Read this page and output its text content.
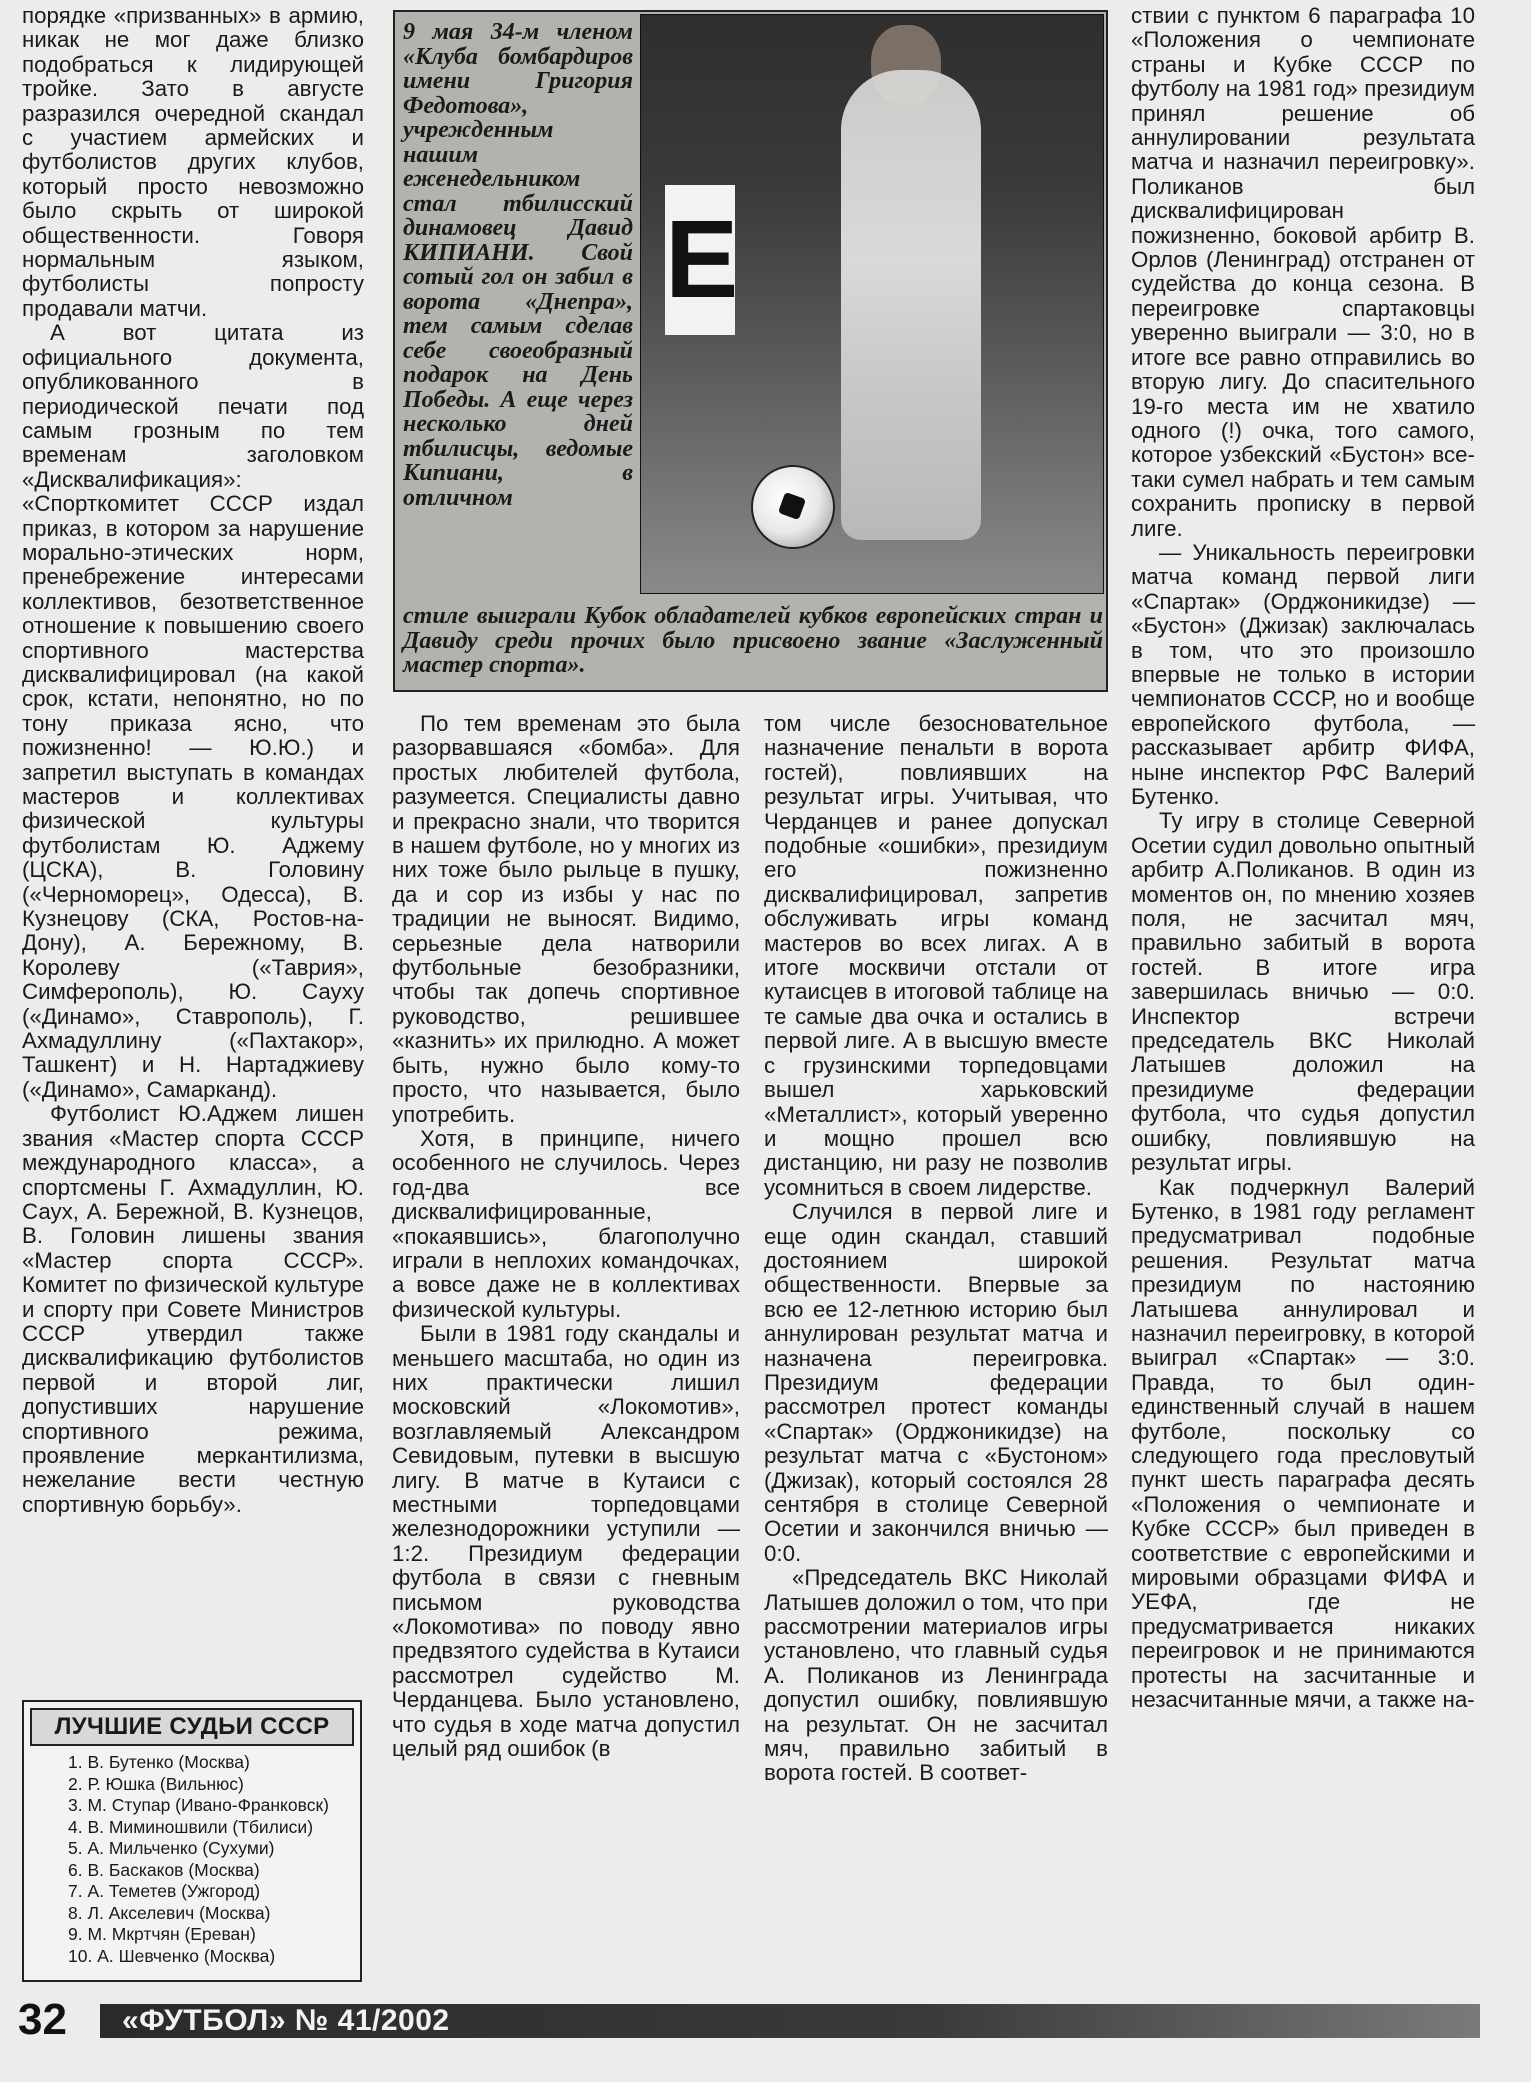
порядке «призванных» в армию, никак не мог даже близко подобраться к лидирующей тройке. Зато в августе разразился очередной скандал с участием армейских и футболистов других клубов, который просто невозможно было скрыть от широкой общественности. Говоря нормальным языком, футболисты попросту продавали матчи.

А вот цитата из официального документа, опубликованного в периодической печати под самым грозным по тем временам заголовком «Дисквалификация»: «Спорткомитет СССР издал приказ, в котором за нарушение морально-этических норм, пренебрежение интересами коллективов, безответственное отношение к повышению своего спортивного мастерства дисквалифицировал (на какой срок, кстати, непонятно, но по тону приказа ясно, что пожизненно! — Ю.Ю.) и запретил выступать в командах мастеров и коллективах физической культуры футболистам Ю. Аджему (ЦСКА), В. Головину («Черноморец», Одесса), В. Кузнецову (СКА, Ростов-на-Дону), А. Бережному, В. Королеву («Таврия», Симферополь), Ю. Сауху («Динамо», Ставрополь), Г. Ахмадуллину («Пахтакор», Ташкент) и Н. Нартаджиеву («Динамо», Самарканд).

Футболист Ю.Аджем лишен звания «Мастер спорта СССР международного класса», а спортсмены Г. Ахмадуллин, Ю. Саух, А. Бережной, В. Кузнецов, В. Головин лишены звания «Мастер спорта СССР». Комитет по физической культуре и спорту при Совете Министров СССР утвердил также дисквалификацию футболистов первой и второй лиг, допустивших нарушение спортивного режима, проявление меркантилизма, нежелание вести честную спортивную борьбу».

Е
9 мая 34-м членом «Клуба бомбардиров имени Григория Федотова», учрежденным нашим еженедельником стал тбилисский динамовец Давид КИПИАНИ. Свой сотый гол он забил в ворота «Днепра», тем самым сделав себе своеобразный подарок на День Победы. А еще через несколько дней тбилисцы, ведомые Кипиани, в отличном
стиле выиграли Кубок обладателей кубков европейских стран и Давиду среди прочих было присвоено звание «Заслуженный мастер спорта».

По тем временам это была разорвавшаяся «бомба». Для простых любителей футбола, разумеется. Специалисты давно и прекрасно знали, что творится в нашем футболе, но у многих из них тоже было рыльце в пушку, да и сор из избы у нас по традиции не выносят. Видимо, серьезные дела натворили футбольные безобразники, чтобы так допечь спортивное руководство, решившее «казнить» их прилюдно. А может быть, нужно было кому-то просто, что называется, было употребить.

Хотя, в принципе, ничего особенного не случилось. Через год-два все дисквалифицированные, «покаявшись», благополучно играли в неплохих командочках, а вовсе даже не в коллективах физической культуры.

Были в 1981 году скандалы и меньшего масштаба, но один из них практически лишил московский «Локомотив», возглавляемый Александром Севидовым, путевки в высшую лигу. В матче в Кутаиси с местными торпедовцами железнодорожники уступили — 1:2. Президиум федерации футбола в связи с гневным письмом руководства «Локомотива» по поводу явно предвзятого судейства в Кутаиси рассмотрел судейство М. Черданцева. Было установлено, что судья в ходе матча допустил целый ряд ошибок (в

том числе безосновательное назначение пенальти в ворота гостей), повлиявших на результат игры. Учитывая, что Черданцев и ранее допускал подобные «ошибки», президиум его пожизненно дисквалифицировал, запретив обслуживать игры команд мастеров во всех лигах. А в итоге москвичи отстали от кутаисцев в итоговой таблице на те самые два очка и остались в первой лиге. А в высшую вместе с грузинскими торпедовцами вышел харьковский «Металлист», который уверенно и мощно прошел всю дистанцию, ни разу не позволив усомниться в своем лидерстве.

Случился в первой лиге и еще один скандал, ставший достоянием широкой общественности. Впервые за всю ее 12-летнюю историю был аннулирован результат матча и назначена переигровка. Президиум федерации рассмотрел протест команды «Спартак» (Орджоникидзе) на результат матча с «Бустоном» (Джизак), который состоялся 28 сентября в столице Северной Осетии и закончился вничью — 0:0.

«Председатель ВКС Николай Латышев доложил о том, что при рассмотрении материалов игры установлено, что главный судья А. Поликанов из Ленинграда допустил ошибку, повлиявшую на результат. Он не засчитал мяч, правильно забитый в ворота гостей. В соответ-

ствии с пунктом 6 параграфа 10 «Положения о чемпионате страны и Кубке СССР по футболу на 1981 год» президиум принял решение об аннулировании результата матча и назначил переигровку». Поликанов был дисквалифицирован пожизненно, боковой арбитр В. Орлов (Ленинград) отстранен от судейства до конца сезона. В переигровке спартаковцы уверенно выиграли — 3:0, но в итоге все равно отправились во вторую лигу. До спасительного 19-го места им не хватило одного (!) очка, того самого, которое узбекский «Бустон» все-таки сумел набрать и тем самым сохранить прописку в первой лиге.

— Уникальность переигровки матча команд первой лиги «Спартак» (Орджоникидзе) — «Бустон» (Джизак) заключалась в том, что это произошло впервые не только в истории чемпионатов СССР, но и вообще европейского футбола, — рассказывает арбитр ФИФА, ныне инспектор РФС Валерий Бутенко.

Ту игру в столице Северной Осетии судил довольно опытный арбитр А.Поликанов. В один из моментов он, по мнению хозяев поля, не засчитал мяч, правильно забитый в ворота гостей. В итоге игра завершилась вничью — 0:0. Инспектор встречи председатель ВКС Николай Латышев доложил на президиуме федерации футбола, что судья допустил ошибку, повлиявшую на результат игры.

Как подчеркнул Валерий Бутенко, в 1981 году регламент предусматривал подобные решения. Результат матча президиум по настоянию Латышева аннулировал и назначил переигровку, в которой выиграл «Спартак» — 3:0. Правда, то был один-единственный случай в нашем футболе, поскольку со следующего года пресловутый пункт шесть параграфа десять «Положения о чемпионате и Кубке СССР» был приведен в соответствие с европейскими и мировыми образцами ФИФА и УЕФА, где не предусматривается никаких переигровок и не принимаются протесты на засчитанные и незасчитанные мячи, а также на-

ЛУЧШИЕ СУДЬИ СССР
1. В. Бутенко (Москва)
2. Р. Юшка (Вильнюс)
3. М. Ступар (Ивано-Франковск)
4. В. Миминошвили (Тбилиси)
5. А. Мильченко (Сухуми)
6. В. Баскаков (Москва)
7. А. Теметев (Ужгород)
8. Л. Акселевич (Москва)
9. М. Мкртчян (Ереван)
10. А. Шевченко (Москва)
32 «ФУТБОЛ» № 41/2002
